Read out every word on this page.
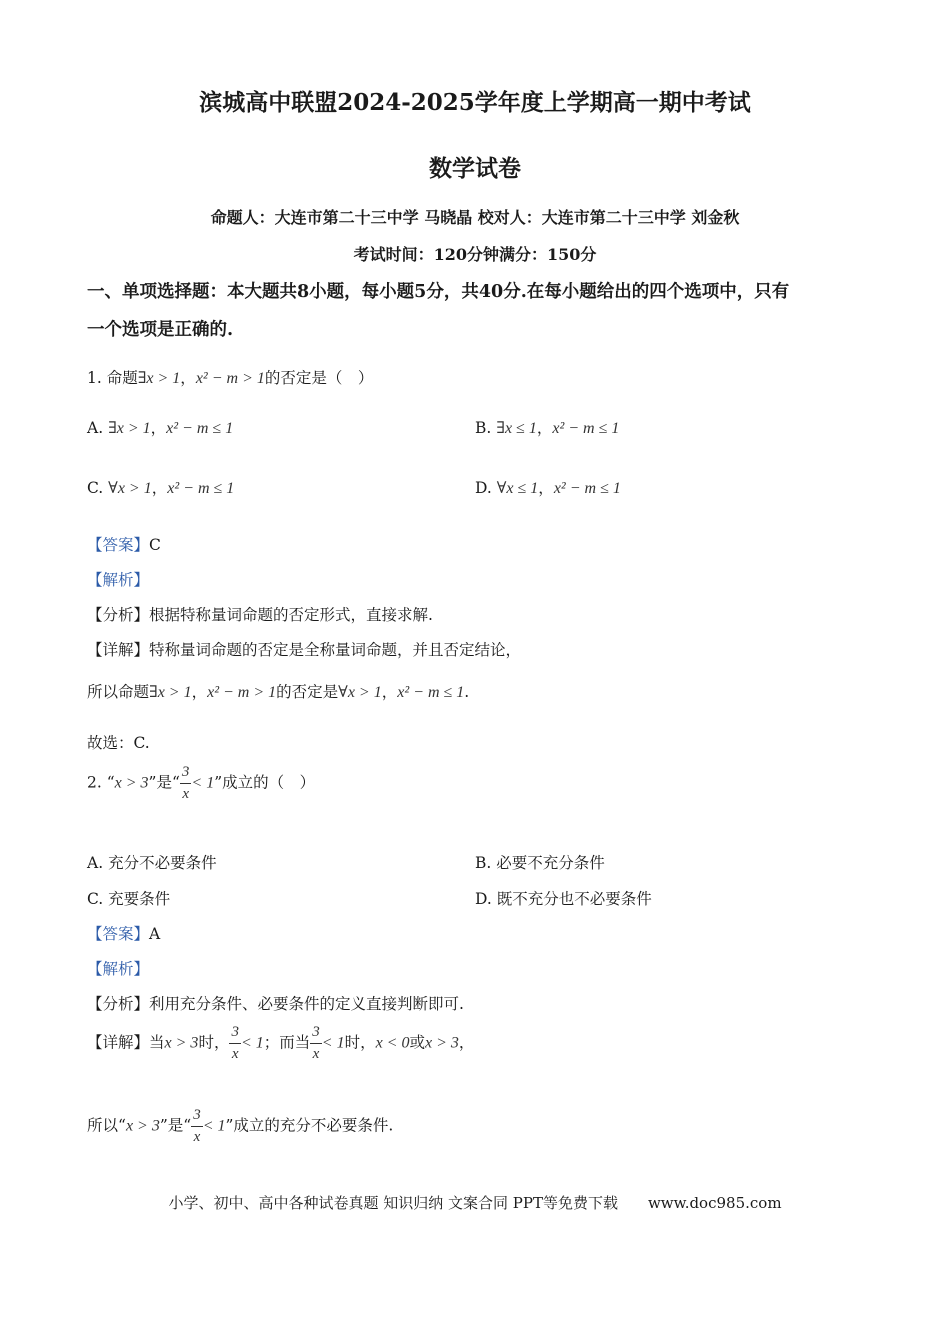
滨城高中联盟2024-2025学年度上学期高一期中考试
数学试卷
命题人：大连市第二十三中学 马晓晶 校对人：大连市第二十三中学 刘金秋
考试时间：120分钟满分：150分
一、单项选择题：本大题共8小题，每小题5分，共40分.在每小题给出的四个选项中，只有
一个选项是正确的.
1. 命题∃x > 1，x² − m > 1的否定是（　）
A. ∃x > 1，x² − m ≤ 1	B. ∃x ≤ 1，x² − m ≤ 1
C. ∀x > 1，x² − m ≤ 1	D. ∀x ≤ 1，x² − m ≤ 1
【答案】C
【解析】
【分析】根据特称量词命题的否定形式，直接求解.
【详解】特称量词命题的否定是全称量词命题，并且否定结论，
所以命题∃x > 1，x² − m > 1的否定是∀x > 1，x² − m ≤ 1.
故选：C.
2. “x > 3”是“ $\frac{3}{x} < 1$”成立的（　）
A. 充分不必要条件	B. 必要不充分条件
C. 充要条件	D. 既不充分也不必要条件
【答案】A
【解析】
【分析】利用充分条件、必要条件的定义直接判断即可.
【详解】当x > 3时， $\frac{3}{x} < 1$；而当 $\frac{3}{x} < 1$时，x < 0或x > 3，
所以“x > 3”是“ $\frac{3}{x} < 1$”成立的充分不必要条件.
小学、初中、高中各种试卷真题 知识归纳 文案合同 PPT等免费下载　　www.doc985.com
